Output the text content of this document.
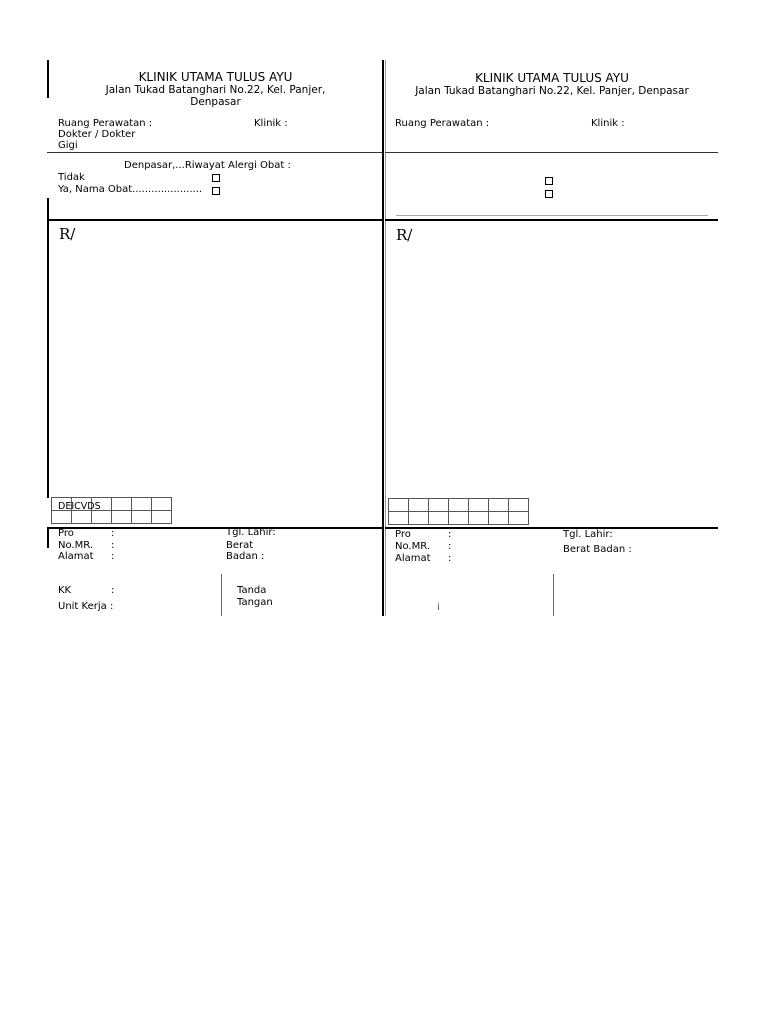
KLINIK UTAMA TULUS AYU
Jalan Tukad Batanghari No.22, Kel. Panjer,
Denpasar
Ruang Perawatan :	Klinik :
Dokter / Dokter
Gigi
Denpasar,...Riwayat Alergi Obat :
Tidak
Ya, Nama Obat......................
R/

DEICVDS
Pro	:
No.MR. :
Alamat :
Tgl. Lahir:
Berat
Badan :
KK	:
Unit Kerja :
Tanda
Tangan
KLINIK UTAMA TULUS AYU
Jalan Tukad Batanghari No.22, Kel. Panjer, Denpasar
Ruang Perawatan :	Klinik :
R/

Pro	:
No.MR. :
Alamat :
Tgl. Lahir:
Berat Badan :
i
